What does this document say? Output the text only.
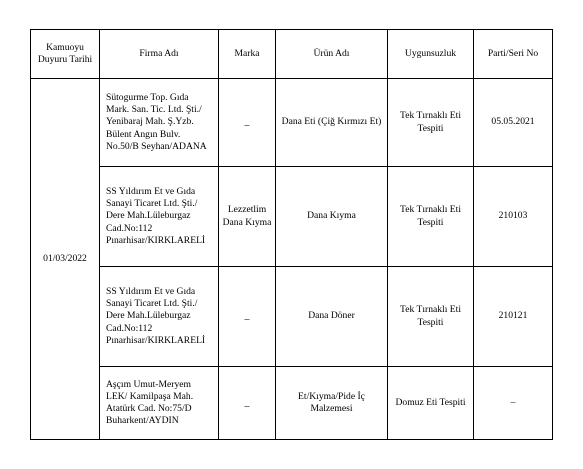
Kamuoyu Duyuru Tarihi	Firma Adı	Marka	Ürün Adı	Uygunsuzluk	Parti/Seri No
01/03/2022	Sütogurme Top. Gıda Mark. San. Tic. Ltd. Şti./ Yenibaraj Mah. Ş.Yzb. Bülent Angın Bulv. No.50/B Seyhan/ADANA	_	Dana Eti (Çiğ Kırmızı Et)	Tek Tırnaklı Eti Tespiti	05.05.2021
	SS Yıldırım Et ve Gıda Sanayi Ticaret Ltd. Şti./ Dere Mah.Lüleburgaz Cad.No:112 Pınarhisar/KIRKLARELİ	Lezzetlim Dana Kıyma	Dana Kıyma	Tek Tırnaklı Eti Tespiti	210103
	SS Yıldırım Et ve Gıda Sanayi Ticaret Ltd. Şti./ Dere Mah.Lüleburgaz Cad.No:112 Pınarhisar/KIRKLARELİ	_	Dana Döner	Tek Tırnaklı Eti Tespiti	210121
	Aşçım Umut-Meryem LEK/ Kamilpaşa Mah. Atatürk Cad. No:75/D Buharkent/AYDIN	_	Et/Kıyma/Pide İç Malzemesi	Domuz Eti Tespiti	–
